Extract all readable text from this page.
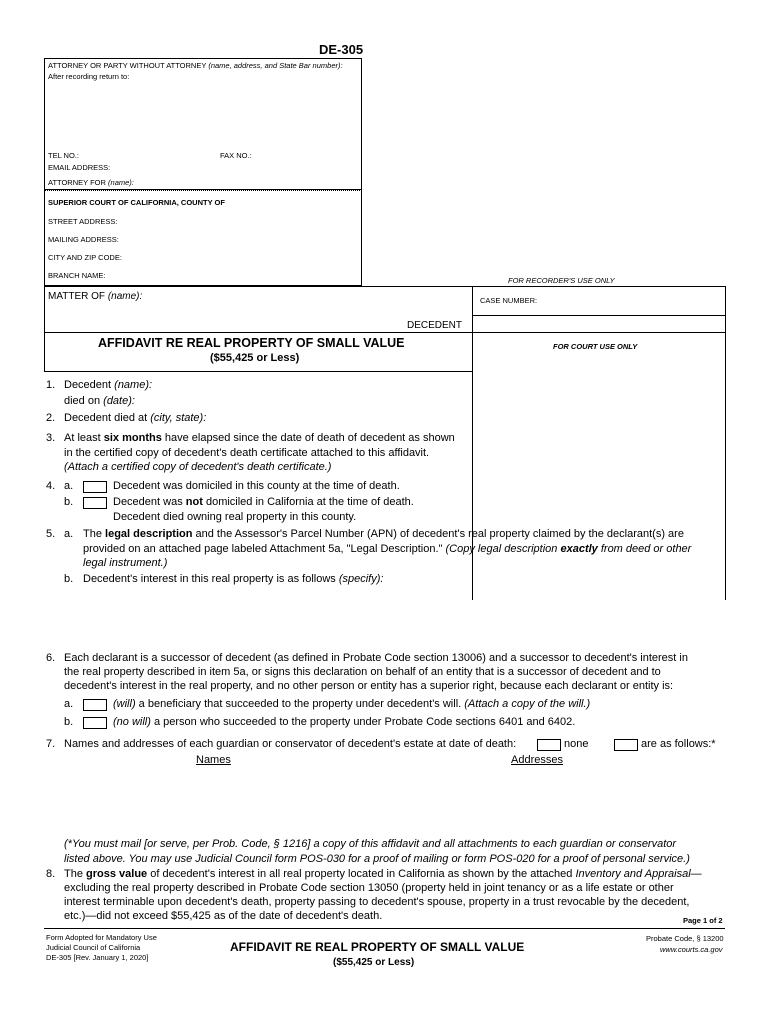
DE-305
ATTORNEY OR PARTY WITHOUT ATTORNEY (name, address, and State Bar number):
After recording return to:
TEL NO.:	FAX NO.:
EMAIL ADDRESS:
ATTORNEY FOR (name):
SUPERIOR COURT OF CALIFORNIA, COUNTY OF
STREET ADDRESS:
MAILING ADDRESS:
CITY AND ZIP CODE:
BRANCH NAME:
FOR RECORDER'S USE ONLY
MATTER OF (name):	CASE NUMBER:
DECEDENT
FOR COURT USE ONLY
AFFIDAVIT RE REAL PROPERTY OF SMALL VALUE
($55,425 or Less)
1. Decedent (name):
died on (date):
2. Decedent died at (city, state):
3. At least six months have elapsed since the date of death of decedent as shown
in the certified copy of decedent's death certificate attached to this affidavit.
(Attach a certified copy of decedent's death certificate.)
4. a.	Decedent was domiciled in this county at the time of death.
b.	Decedent was not domiciled in California at the time of death.
Decedent died owning real property in this county.
5. a. The legal description and the Assessor's Parcel Number (APN) of decedent's real property claimed by the declarant(s) are
provided on an attached page labeled Attachment 5a, "Legal Description." (Copy legal description exactly from deed or other
legal instrument.)
b. Decedent's interest in this real property is as follows (specify):
6. Each declarant is a successor of decedent (as defined in Probate Code section 13006) and a successor to decedent's interest in
the real property described in item 5a, or signs this declaration on behalf of an entity that is a successor of decedent and to
decedent's interest in the real property, and no other person or entity has a superior right, because each declarant or entity is:
a.	(will) a beneficiary that succeeded to the property under decedent's will. (Attach a copy of the will.)
b.	(no will) a person who succeeded to the property under Probate Code sections 6401 and 6402.
7. Names and addresses of each guardian or conservator of decedent's estate at date of death:	none	are as follows:*
Names	Addresses
(*You must mail [or serve, per Prob. Code, § 1216] a copy of this affidavit and all attachments to each guardian or conservator
listed above. You may use Judicial Council form POS-030 for a proof of mailing or form POS-020 for a proof of personal service.)
8. The gross value of decedent's interest in all real property located in California as shown by the attached Inventory and Appraisal—
excluding the real property described in Probate Code section 13050 (property held in joint tenancy or as a life estate or other
interest terminable upon decedent's death, property passing to decedent's spouse, property in a trust revocable by the decedent,
etc.)—did not exceed $55,425 as of the date of decedent's death.	Page 1 of 2
Form Adopted for Mandatory Use
Judicial Council of California
DE-305 [Rev. January 1, 2020]
AFFIDAVIT RE REAL PROPERTY OF SMALL VALUE
($55,425 or Less)
Probate Code, § 13200
www.courts.ca.gov
